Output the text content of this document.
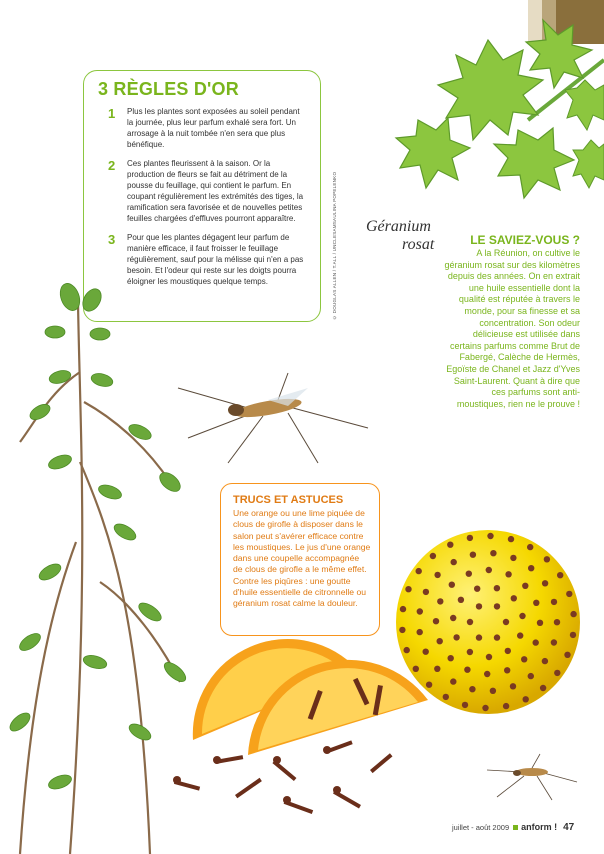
3 RÈGLES D'OR
1	Plus les plantes sont exposées au soleil pendant la journée, plus leur parfum exhalé sera fort. Un arrosage à la nuit tombée n'en sera que plus bénéfique.
2	Ces plantes fleurissent à la saison. Or la production de fleurs se fait au détriment de la pousse du feuillage, qui contient le parfum. En coupant régulièrement les extrémités des tiges, la ramification sera favorisée et de nouvelles petites feuilles chargées d'effluves pourront apparaître.
3	Pour que les plantes dégagent leur parfum de manière efficace, il faut froisser le feuillage régulièrement, sauf pour la mélisse qui n'en a pas besoin. Et l'odeur qui reste sur les doigts pourra éloigner les moustiques quelque temps.	© DOUGLAS ALLEN / T.ALL / UNCLESAMSAULINA POPELENKO Géranium
rosat	LE SAVIEZ-VOUS ?
A la Réunion, on cultive le géranium rosat sur des kilomètres depuis des années. On en extrait une huile essentielle dont la qualité est réputée à travers le monde, pour sa finesse et sa concentration. Son odeur délicieuse est utilisée dans certains parfums comme Brut de Fabergé, Calèche de Hermès, Egoïste de Chanel et Jazz d'Yves Saint-Laurent. Quant à dire que ces parfums sont anti-moustiques, rien ne le prouve !
TRUCS ET ASTUCES
Une orange ou une lime piquée de clous de girofle à disposer dans le salon peut s'avérer efficace contre les moustiques. Le jus d'une orange dans une coupelle accompagnée de clous de girofle a le même effet. Contre les piqûres : une goutte d'huile essentielle de citronnelle ou géranium rosat calme la douleur.
juillet - août 2009 anform ! 47
